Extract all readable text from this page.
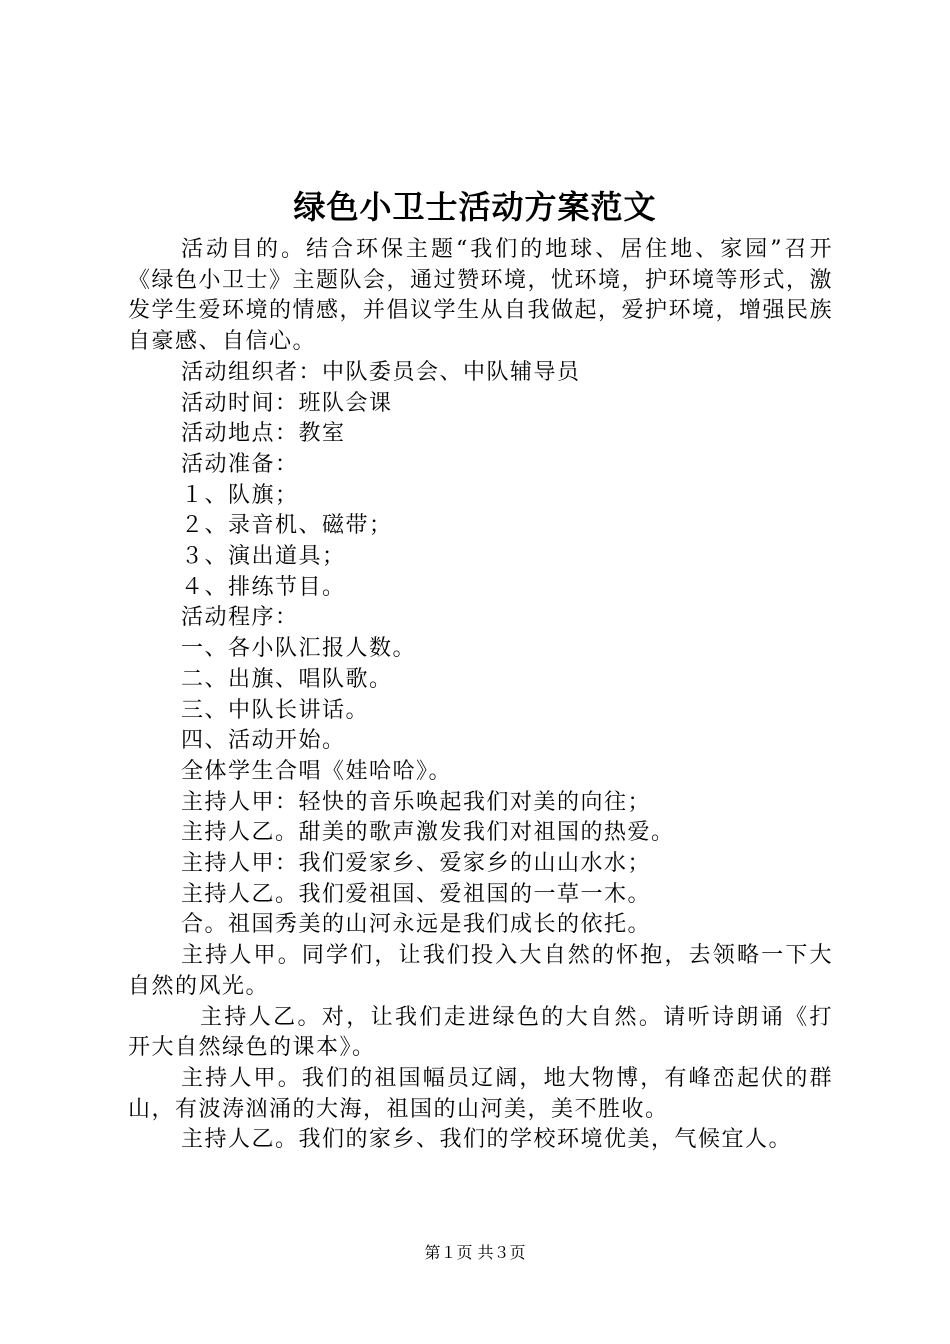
绿色小卫士活动方案范文

活动目的。结合环保主题“我们的地球、居住地、家园”召开《绿色小卫士》主题队会，通过赞环境，忧环境，护环境等形式，激发学生爱环境的情感，并倡议学生从自我做起，爱护环境，增强民族自豪感、自信心。

活动组织者：中队委员会、中队辅导员

活动时间：班队会课

活动地点：教室

活动准备：

１、队旗；

２、录音机、磁带；

３、演出道具；

４、排练节目。

活动程序：

一、各小队汇报人数。

二、出旗、唱队歌。

三、中队长讲话。

四、活动开始。

全体学生合唱《娃哈哈》。

主持人甲：轻快的音乐唤起我们对美的向往；

主持人乙。甜美的歌声激发我们对祖国的热爱。

主持人甲：我们爱家乡、爱家乡的山山水水；

主持人乙。我们爱祖国、爱祖国的一草一木。

合。祖国秀美的山河永远是我们成长的依托。

主持人甲。同学们，让我们投入大自然的怀抱，去领略一下大自然的风光。

主持人乙。对，让我们走进绿色的大自然。请听诗朗诵《打开大自然绿色的课本》。

主持人甲。我们的祖国幅员辽阔，地大物博，有峰峦起伏的群山，有波涛汹涌的大海，祖国的山河美，美不胜收。

主持人乙。我们的家乡、我们的学校环境优美，气候宜人。

第１页 共３页
